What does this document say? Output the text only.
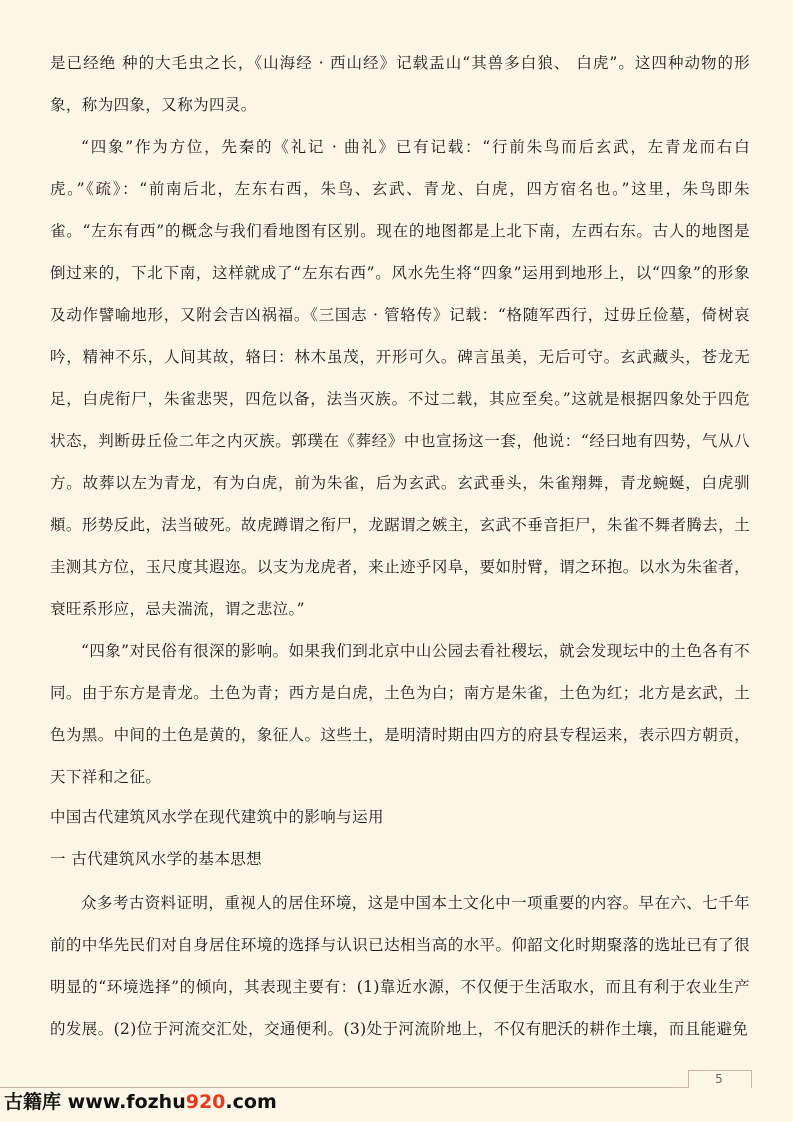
是已经绝 种的大毛虫之长，《山海经 · 西山经》记载盂山“其兽多白狼、 白虎”。这四种动物的形象，称为四象，又称为四灵。

“四象”作为方位，先秦的《礼记 · 曲礼》已有记载：“行前朱鸟而后玄武，左青龙而右白虎。”《疏》：“前南后北，左东右西，朱鸟、玄武、青龙、白虎，四方宿名也。”这里，朱鸟即朱雀。“左东有西”的概念与我们看地图有区别。现在的地图都是上北下南，左西右东。古人的地图是倒过来的，下北下南，这样就成了“左东右西”。风水先生将“四象”运用到地形上，以“四象”的形象及动作譬喻地形，又附会吉凶祸福。《三国志 · 管辂传》记载：“格随军西行，过毋丘俭墓，倚树哀吟，精神不乐，人间其故，辂曰：林木虽茂，开形可久。碑言虽美，无后可守。玄武藏头，苍龙无足，白虎衔尸，朱雀悲哭，四危以备，法当灭族。不过二载，其应至矣。”这就是根据四象处于四危状态，判断毋丘俭二年之内灭族。郭璞在《葬经》中也宣扬这一套，他说：“经曰地有四势，气从八方。故葬以左为青龙，有为白虎，前为朱雀，后为玄武。玄武垂头，朱雀翔舞，青龙蜿蜒，白虎驯頫。形势反此，法当破死。故虎蹲谓之衔尸，龙踞谓之嫉主，玄武不垂音拒尸，朱雀不舞者腾去，土圭测其方位，玉尺度其遐迩。以支为龙虎者，来止迹乎冈阜，要如肘臂，谓之环抱。以水为朱雀者，衰旺系形应，忌夫湍流，谓之悲泣。”

“四象”对民俗有很深的影响。如果我们到北京中山公园去看社稷坛，就会发现坛中的土色各有不同。由于东方是青龙。土色为青；西方是白虎，土色为白；南方是朱雀，土色为红；北方是玄武，土色为黑。中间的土色是黄的，象征人。这些土，是明清时期由四方的府县专程运来，表示四方朝贡，天下祥和之征。

中国古代建筑风水学在现代建筑中的影响与运用

一 古代建筑风水学的基本思想

众多考古资料证明，重视人的居住环境，这是中国本土文化中一项重要的内容。早在六、七千年前的中华先民们对自身居住环境的选择与认识已达相当高的水平。仰韶文化时期聚落的选址已有了很明显的“环境选择”的倾向，其表现主要有：(1)靠近水源，不仅便于生活取水，而且有利于农业生产的发展。(2)位于河流交汇处，交通便利。(3)处于河流阶地上，不仅有肥沃的耕作土壤，而且能避免

5
古籍库 www.fozhu920.com
